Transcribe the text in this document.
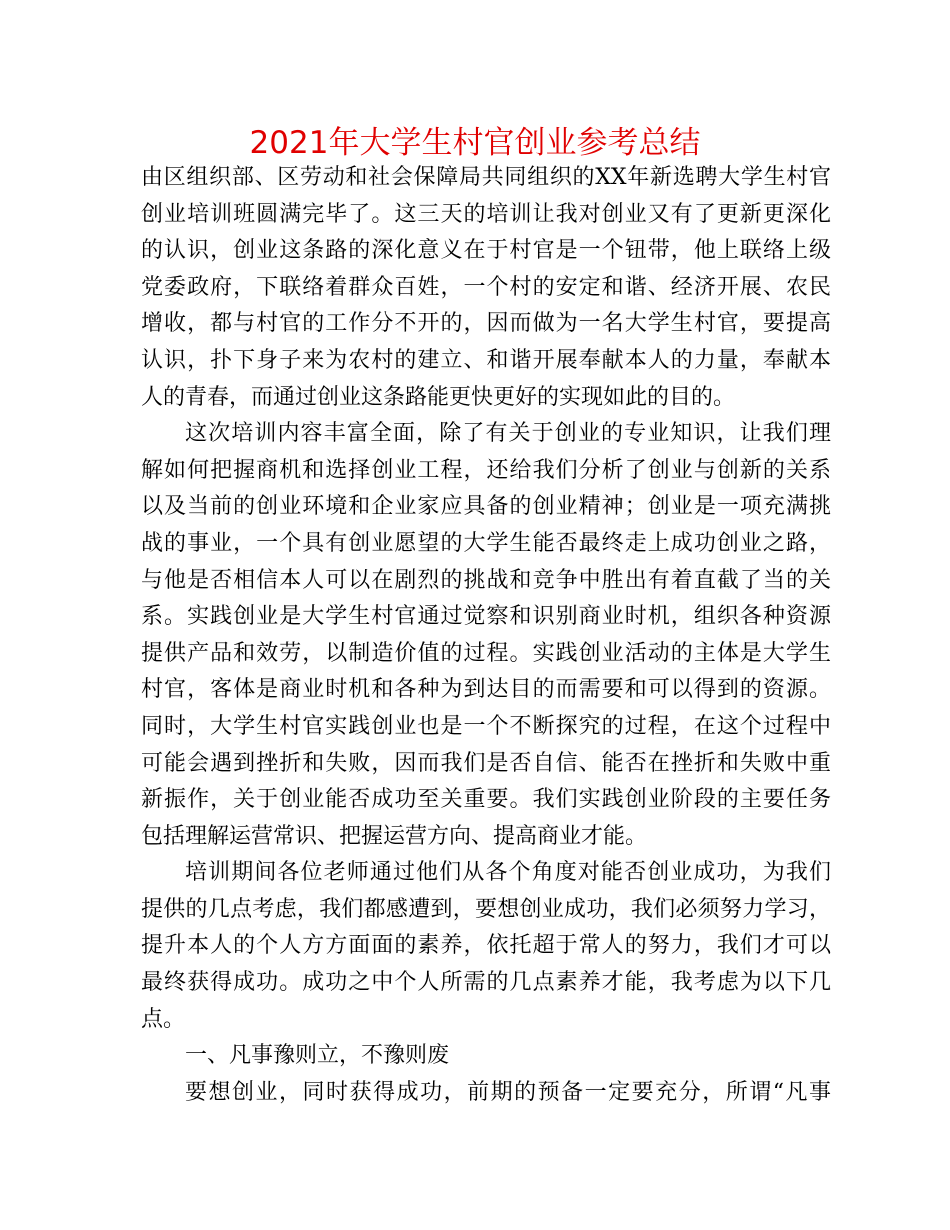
2021年大学生村官创业参考总结
由区组织部、区劳动和社会保障局共同组织的XX年新选聘大学生村官
创业培训班圆满完毕了。这三天的培训让我对创业又有了更新更深化
的认识，创业这条路的深化意义在于村官是一个钮带，他上联络上级
党委政府，下联络着群众百姓，一个村的安定和谐、经济开展、农民
增收，都与村官的工作分不开的，因而做为一名大学生村官，要提高
认识，扑下身子来为农村的建立、和谐开展奉献本人的力量，奉献本
人的青春，而通过创业这条路能更快更好的实现如此的目的。
这次培训内容丰富全面，除了有关于创业的专业知识，让我们理
解如何把握商机和选择创业工程，还给我们分析了创业与创新的关系
以及当前的创业环境和企业家应具备的创业精神；创业是一项充满挑
战的事业，一个具有创业愿望的大学生能否最终走上成功创业之路，
与他是否相信本人可以在剧烈的挑战和竞争中胜出有着直截了当的关
系。实践创业是大学生村官通过觉察和识别商业时机，组织各种资源
提供产品和效劳，以制造价值的过程。实践创业活动的主体是大学生
村官，客体是商业时机和各种为到达目的而需要和可以得到的资源。
同时，大学生村官实践创业也是一个不断探究的过程，在这个过程中
可能会遇到挫折和失败，因而我们是否自信、能否在挫折和失败中重
新振作，关于创业能否成功至关重要。我们实践创业阶段的主要任务
包括理解运营常识、把握运营方向、提高商业才能。
培训期间各位老师通过他们从各个角度对能否创业成功，为我们
提供的几点考虑，我们都感遭到，要想创业成功，我们必须努力学习，
提升本人的个人方方面面的素养，依托超于常人的努力，我们才可以
最终获得成功。成功之中个人所需的几点素养才能，我考虑为以下几
点。
一、凡事豫则立，不豫则废
要想创业，同时获得成功，前期的预备一定要充分，所谓“凡事
